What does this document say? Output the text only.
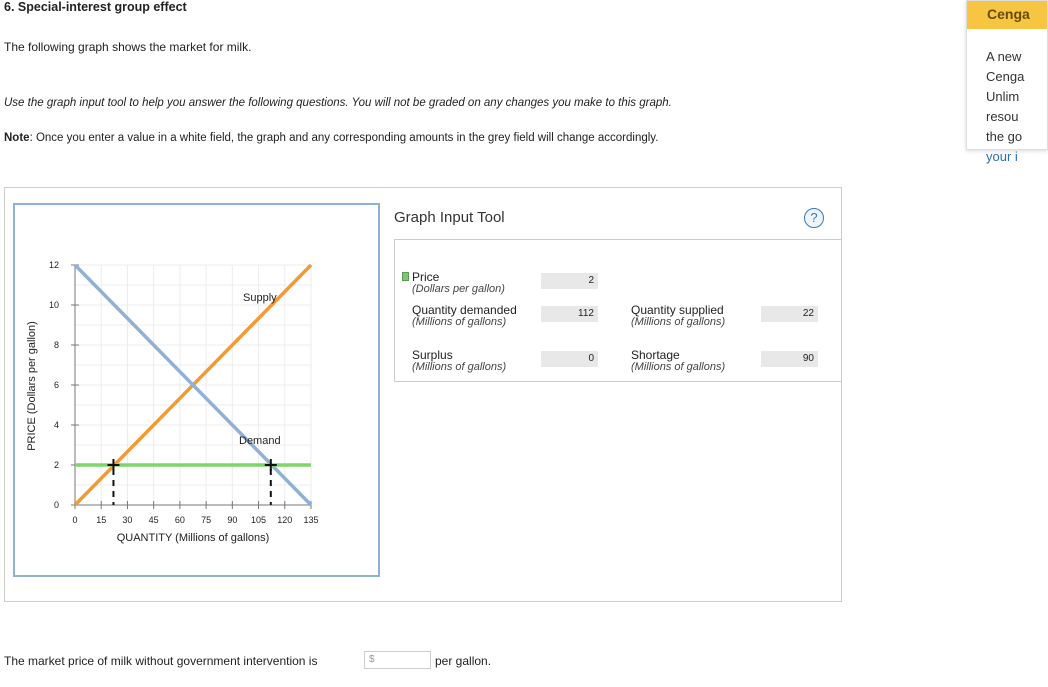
6. Special-interest group effect
The following graph shows the market for milk.
Use the graph input tool to help you answer the following questions. You will not be graded on any changes you make to this graph.
Note: Once you enter a value in a white field, the graph and any corresponding amounts in the grey field will change accordingly.
Cenga
A new
Cenga
Unlim
resou
the go
your i
0 15 30 45 60 75 90 105 120 135
0
2
4
6
8
10
12
PRICE (Dollars per gallon)
QUANTITY (Millions of gallons)
Supply
Demand
Graph Input Tool	?
Price
(Dollars per gallon)
2
Quantity demanded
(Millions of gallons)
112	Quantity supplied
(Millions of gallons)
22
Surplus
(Millions of gallons)
0	Shortage
(Millions of gallons)
90
The market price of milk without government intervention is	$	per gallon.
